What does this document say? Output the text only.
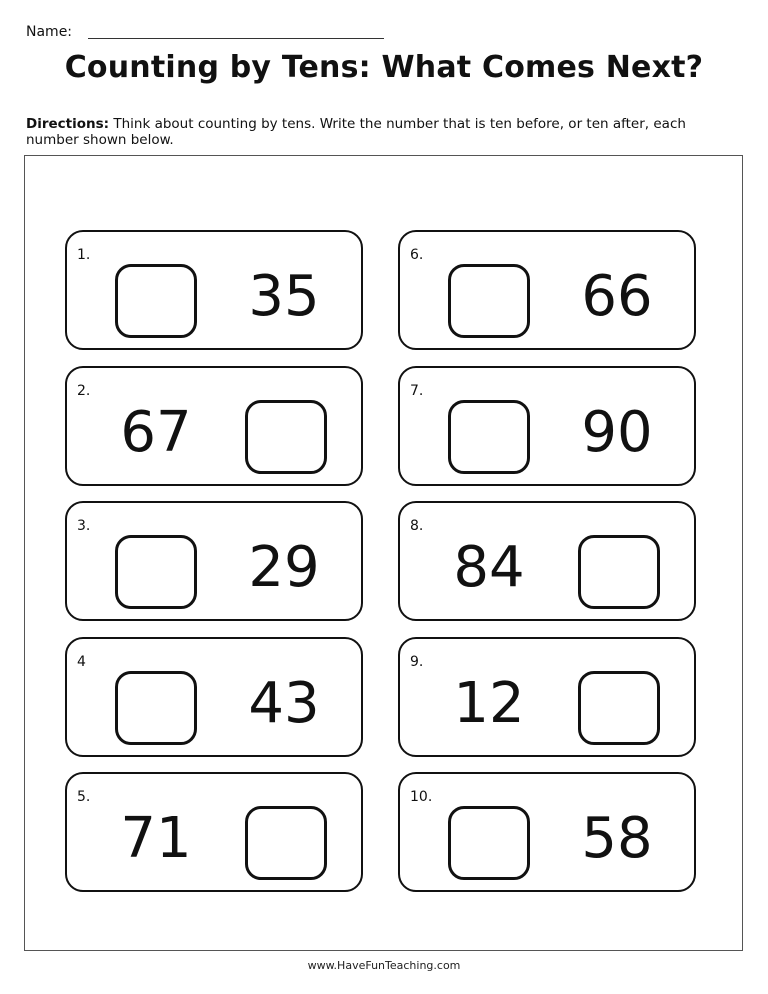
Name:
Counting by Tens: What Comes Next?
Directions: Think about counting by tens. Write the number that is ten before, or ten after, each number shown below.
1.
35
2.
67
3.
29
4
43
5.
71
6.
66
7.
90
8.
84
9.
12
10.
58
www.HaveFunTeaching.com
